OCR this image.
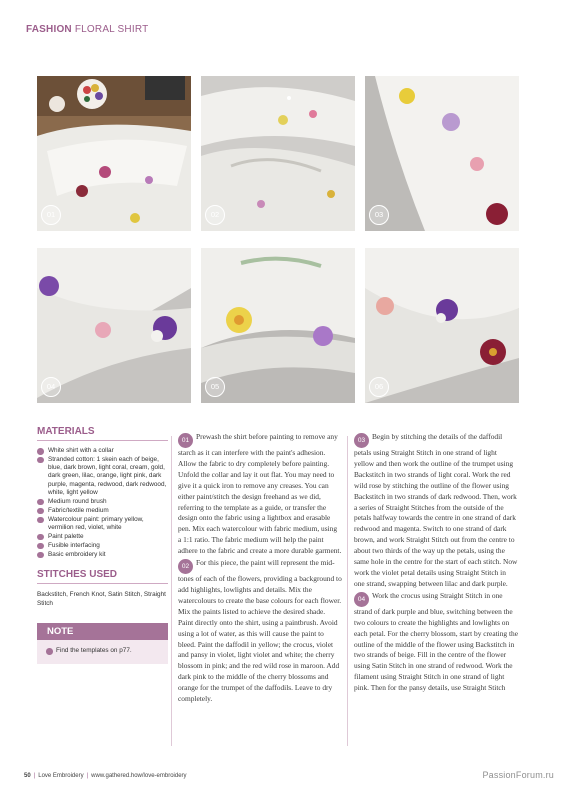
FASHION FLORAL SHIRT
01	02	03
04	05	06
MATERIALS
White shirt with a collar
Stranded cotton: 1 skein each of beige, blue, dark brown, light coral, cream, gold, dark green, lilac, orange, light pink, dark purple, magenta, redwood, dark redwood, white, light yellow
Medium round brush
Fabric/textile medium
Watercolour paint: primary yellow, vermilion red, violet, white
Paint palette
Fusible interfacing
Basic embroidery kit
STITCHES USED
Backstitch, French Knot, Satin Stitch, Straight Stitch
NOTE
Find the templates on p77.

01 Prewash the shirt before painting to remove any starch as it can interfere with the paint's adhesion. Allow the fabric to dry completely before painting. Unfold the collar and lay it out flat. You may need to give it a quick iron to remove any creases. You can either paint/stitch the design freehand as we did, referring to the template as a guide, or transfer the design onto the fabric using a lightbox and erasable pen. Mix each watercolour with fabric medium, using a 1:1 ratio. The fabric medium will help the paint adhere to the fabric and create a more durable garment.

02 For this piece, the paint will represent the mid-tones of each of the flowers, providing a background to add highlights, lowlights and details. Mix the watercolours to create the base colours for each flower. Mix the paints listed to achieve the desired shade. Paint directly onto the shirt, using a paintbrush. Avoid using a lot of water, as this will cause the paint to bleed. Paint the daffodil in yellow; the crocus, violet and pansy in violet, light violet and white; the cherry blossom in pink; and the red wild rose in maroon. Add dark pink to the middle of the cherry blossoms and orange for the trumpet of the daffodils. Leave to dry completely.

03 Begin by stitching the details of the daffodil petals using Straight Stitch in one strand of light yellow and then work the outline of the trumpet using Backstitch in two strands of light coral. Work the red wild rose by stitching the outline of the flower using Backstitch in two strands of dark redwood. Then, work a series of Straight Stitches from the outside of the petals halfway towards the centre in one strand of dark redwood and magenta. Switch to one strand of dark brown, and work Straight Stitch out from the centre to about two thirds of the way up the petals, using the same hole in the centre for the start of each stitch. Now work the violet petal details using Straight Stitch in one strand, swapping between lilac and dark purple.

04 Work the crocus using Straight Stitch in one strand of dark purple and blue, switching between the two colours to create the highlights and lowlights on each petal. For the cherry blossom, start by creating the outline of the middle of the flower using Backstitch in two strands of beige. Fill in the centre of the flower using Satin Stitch in one strand of redwood. Work the filament using Straight Stitch in one strand of light pink. Then for the pansy details, use Straight Stitch

50 | Love Embroidery | www.gathered.how/love-embroidery	PassionForum.ru
